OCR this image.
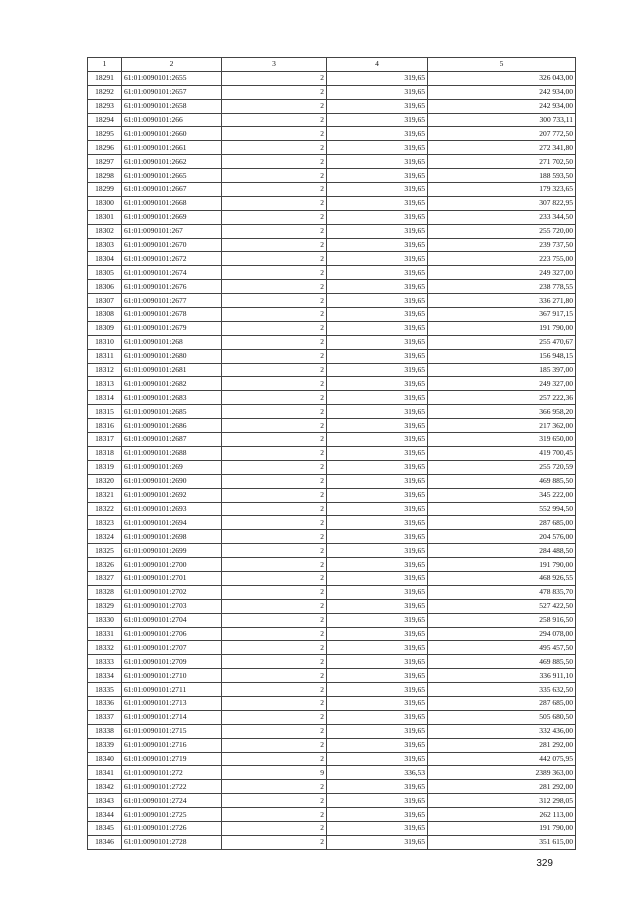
1	2	3	4	5
18291	61:01:0090101:2655	2	319,65	326 043,00
18292	61:01:0090101:2657	2	319,65	242 934,00
18293	61:01:0090101:2658	2	319,65	242 934,00
18294	61:01:0090101:266	2	319,65	300 733,11
18295	61:01:0090101:2660	2	319,65	207 772,50
18296	61:01:0090101:2661	2	319,65	272 341,80
18297	61:01:0090101:2662	2	319,65	271 702,50
18298	61:01:0090101:2665	2	319,65	188 593,50
18299	61:01:0090101:2667	2	319,65	179 323,65
18300	61:01:0090101:2668	2	319,65	307 822,95
18301	61:01:0090101:2669	2	319,65	233 344,50
18302	61:01:0090101:267	2	319,65	255 720,00
18303	61:01:0090101:2670	2	319,65	239 737,50
18304	61:01:0090101:2672	2	319,65	223 755,00
18305	61:01:0090101:2674	2	319,65	249 327,00
18306	61:01:0090101:2676	2	319,65	238 778,55
18307	61:01:0090101:2677	2	319,65	336 271,80
18308	61:01:0090101:2678	2	319,65	367 917,15
18309	61:01:0090101:2679	2	319,65	191 790,00
18310	61:01:0090101:268	2	319,65	255 470,67
18311	61:01:0090101:2680	2	319,65	156 948,15
18312	61:01:0090101:2681	2	319,65	185 397,00
18313	61:01:0090101:2682	2	319,65	249 327,00
18314	61:01:0090101:2683	2	319,65	257 222,36
18315	61:01:0090101:2685	2	319,65	366 958,20
18316	61:01:0090101:2686	2	319,65	217 362,00
18317	61:01:0090101:2687	2	319,65	319 650,00
18318	61:01:0090101:2688	2	319,65	419 700,45
18319	61:01:0090101:269	2	319,65	255 720,59
18320	61:01:0090101:2690	2	319,65	469 885,50
18321	61:01:0090101:2692	2	319,65	345 222,00
18322	61:01:0090101:2693	2	319,65	552 994,50
18323	61:01:0090101:2694	2	319,65	287 685,00
18324	61:01:0090101:2698	2	319,65	204 576,00
18325	61:01:0090101:2699	2	319,65	284 488,50
18326	61:01:0090101:2700	2	319,65	191 790,00
18327	61:01:0090101:2701	2	319,65	468 926,55
18328	61:01:0090101:2702	2	319,65	478 835,70
18329	61:01:0090101:2703	2	319,65	527 422,50
18330	61:01:0090101:2704	2	319,65	258 916,50
18331	61:01:0090101:2706	2	319,65	294 078,00
18332	61:01:0090101:2707	2	319,65	495 457,50
18333	61:01:0090101:2709	2	319,65	469 885,50
18334	61:01:0090101:2710	2	319,65	336 911,10
18335	61:01:0090101:2711	2	319,65	335 632,50
18336	61:01:0090101:2713	2	319,65	287 685,00
18337	61:01:0090101:2714	2	319,65	505 680,50
18338	61:01:0090101:2715	2	319,65	332 436,00
18339	61:01:0090101:2716	2	319,65	281 292,00
18340	61:01:0090101:2719	2	319,65	442 075,95
18341	61:01:0090101:272	9	336,53	2389 363,00
18342	61:01:0090101:2722	2	319,65	281 292,00
18343	61:01:0090101:2724	2	319,65	312 298,05
18344	61:01:0090101:2725	2	319,65	262 113,00
18345	61:01:0090101:2726	2	319,65	191 790,00
18346	61:01:0090101:2728	2	319,65	351 615,00
329
